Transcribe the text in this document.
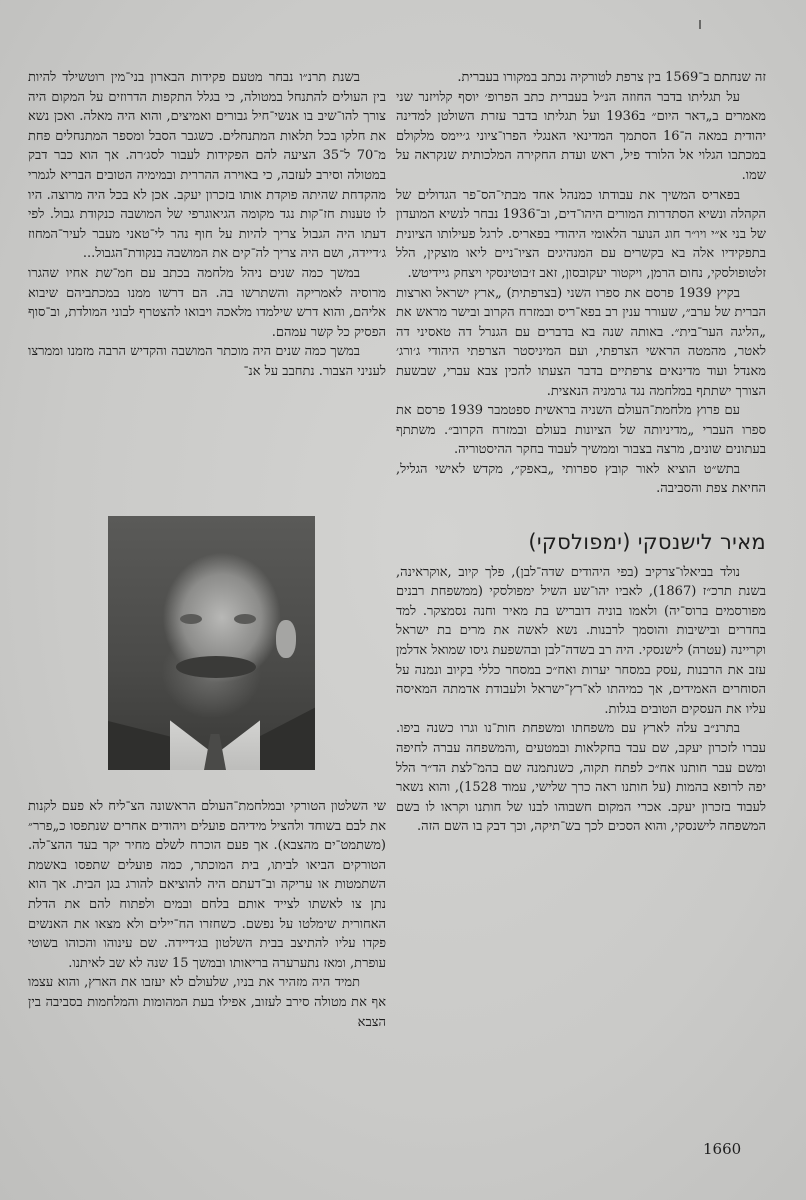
זה שנחתם ב־1569 בין צרפת לטורקיה נכתב במקורו בעברית.

על תגליתו בדבר החוזה הנ״ל בעברית כתב הפרופ׳ יוסף קלויזנר שני מאמרים ב„דאר היום״ ב1936 ועל תגליתו בדבר עזרת השולטן למדינה יהודית במאה ה־16 הסתמך המדינאי האנגלי הפרו־ציוני ג׳יימס מלקולם במכתבו הגלוי אל הלורד פיל, ראש ועדת החקירה המלכותית שנקראה על שמו.

בפאריס המשיך את עבודתו כמנהל אחד מבתי־הס־פר הגדולים של הקהלה ונשיא הסתדרות המורים היהו־דים, וב־1936 נבחר לנשיא המועדון של בני א״י ויו״ר חוג הנוער הלאומי היהודי בפאריס. לרגל פעילותו הציונית בתפקידיו אלה בא בקשרים עם המנהיגים הציו־ניים ליאו מוצקין, הלל זלטופולסקי, נחום הרמן, ויקטור יעקובסון, זאב ז׳בוטינסקי ויצחק גיידיטש.

בקיץ 1939 פרסם את ספרו השני (בצרפתית) „ארץ ישראל וארצות הברית של ערב״, שעורר ענין רב בפא־ריס ובמזרח הקרוב ובישר מראש את „הליגה הער־בית״. באותה שנה בא בדברים עם הגנרל דה טאסיני דה לאטר, מהמטה הראשי הצרפתי, ועם המיניסטר הצרפתי היהודי ג׳ורג׳ מאנדל ועוד מדינאים צרפתיים בדבר הצעתו להכין צבא עברי, שבשעת הצורך ישתתף במלחמה נגד גרמניה הנאצית.

עם פרוץ מלחמת־העולם השניה בראשית ספטמבר 1939 פרסם את ספרו העברי „מדיניותה של הציונות בעולם ובמזרח הקרוב״. משתתף בעתונים שונים, מרצה בצבור וממשיך לעבוד בחקר ההיסטוריה.

בתש״ט הוציא לאור קובץ ספרותי „באפק״, מקדש לאישי הגליל, החיאת צפת והסביבה.

מאיר לישנסקי (ימפולסקי)

נולד בביאלו־צרקיב (בפי היהודים שדה־לבן), פלך קיוב ,אוקראינה, בשנת תרכ״ז (1867), לאביו יהו־שע השיל ימפולסקי (ממשפחת רבנים מפורסמים ברוס־יה) ולאמו בוניה דובריש בת מאיר וחנה נסמצקר. למד בחדרים ובישיבות והוסמך לרבנות. נשא לאשה את מרים בת ישראל וקריינה (עטרה) לישנסקי. היה רב בשדה־לבן ובהשפעת גיסו שמואל אדלמן עזב את הרבנות ,עסק במסחר יערות ואח״כ במסחר כללי בקיוב ונמנה על הסוחרים האמידים, אך כמיהתו לא־רץ־ישראל ולעבודת אדמתה המאיסה עליו את העסקים הטובים בגלות.

בתרנ״ב עלה לארץ עם משפחתו ומשפחת חות־נו וגרו כשנה ביפו. עברו לזכרון יעקב, שם עבד בחקלאות ובמטעים ,והמשפחה עברה לחיפה ומשם עבר חותנו אח״כ לפתח תקוה, כשנתמנה שם בהמ־לצת הד״ר הלל יפה לרופא בהמות (על חותנו ראה כרך שלישי, עמוד 1528), והוא נשאר לעבוד בזכרון יעקב. אכרי המקום חשבוהו לבנו של חותנו וקראו לו בשם המשפחה לישנסקי, והוא הסכים לכך בש־תיקה, וכך דבק בו השם הזה.

בשנת תרנ״ו נבחר מטעם פקידות הבארון בני־מין רוטשילד להיות בין העולים להתנחל במטולה, כי בגלל התקפות הדרוזים על המקום היה צורך להו־שיב בו אנשי־חיל גבורים ואמיצים, והוא היה מאלה. ואכן נשא את חלקו בכל תלאות המתנחלים. כשגבר הסבל ומספר המתנחלים פחת מ־70 ל־35 הציעה להם הפקידות לעבור לסג׳רה. אך הוא כבר דבק במטולה וסירב לעזבה, כי באוירה ההררית ובמימיה הטובים הבריא לגמרי מהקדחת שהיתה פוקדת אותו בזכרון יעקב. אכן לא בכל היה מרוצה. היו לו טענות חז־קות נגד מקומה הגיאוגרפי של המושבה כנקודת גבול. לפי דעתו היה הגבול צריך להיות על חוף נהר לי־טאני מעבר לעיר־המחוז ג׳דיידה, ושם היה צריך לה־קים את המושבה בנקודת־הגבול...

במשך כמה שנים ניהל מלחמה בכתב עם חמ־שת אחיו שהגרו מרוסיה לאמריקה והשתרשו בה. הם דרשו ממנו במכתביהם שיבוא אליהם, והוא דרש שילמדו מלאכה ויבואו להצטרף לבוני המולדת, וב־סוף הפסיק כל קשר עמהם.

במשך כמה שנים היה מוכתר המושבה והקדיש הרבה מזמנו וממרצו לעניני הצבור. נתחבב על אנ־

שי השלטון הטורקי ובמלחמת־העולם הראשונה הצ־ליח לא פעם לקנות את לבם בשוחד ולהציל מידיהם פועלים ויהודים אחרים שנתפסו כ„פרר״ (משתמט־ים מהצבא). אך פעם הוכרח לשלם מחיר יקר בעד ההצ־לה. הטורקים הביאו לביתו, בית המוכתר, כמה פועלים שתפסו באשמת השתמטות או עריקה וב־דעתם היה להוציאם להורג בגן הבית. אך הוא נתן צו לאשתו לצייד אותם בלחם ובמים ולפתוח להם את הדלת האחורית שימלטו על נפשם. כשחזרו הח־יילים ולא מצאו את האנשים פקדו עליו להתיצב בבית השלטון בג׳דיידה. שם עינוהו והכוהו בשוטי עופרת, ומאז נתערערה בריאותו ובמשך 15 שנה לא שב לאיתנו.

תמיד היה מזהיר את בניו, שלעולם לא יעזבו את הארץ, והוא עצמו אף את מטולה סירב לעזוב, אפילו בעת המהומות והמלחמות בסביבה בין הצבא

1660
